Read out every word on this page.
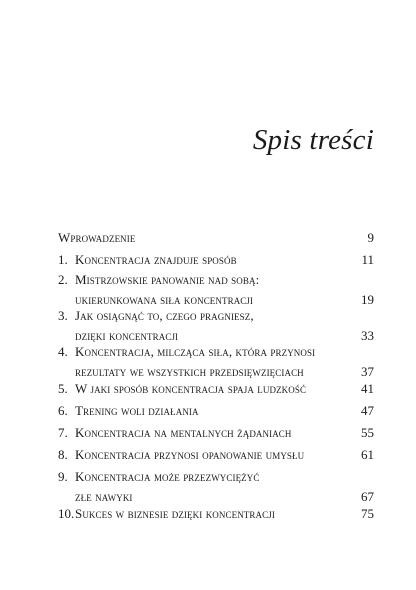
Spis treści
Wprowadzenie	9
1. Koncentracja znajduje sposób	11
2. Mistrzowskie panowanie nad sobą:
ukierunkowana siła koncentracji	19
3. Jak osiągnąć to, czego pragniesz,
dzięki koncentracji	33
4. Koncentracja, milcząca siła, która przynosi
rezultaty we wszystkich przedsięwzięciach	37
5. W jaki sposób koncentracja spaja ludzkość	41
6. Trening woli działania	47
7. Koncentracja na mentalnych żądaniach	55
8. Koncentracja przynosi opanowanie umysłu	61
9. Koncentracja może przezwyciężyć
złe nawyki	67
10.Sukces w biznesie dzięki koncentracji	75
